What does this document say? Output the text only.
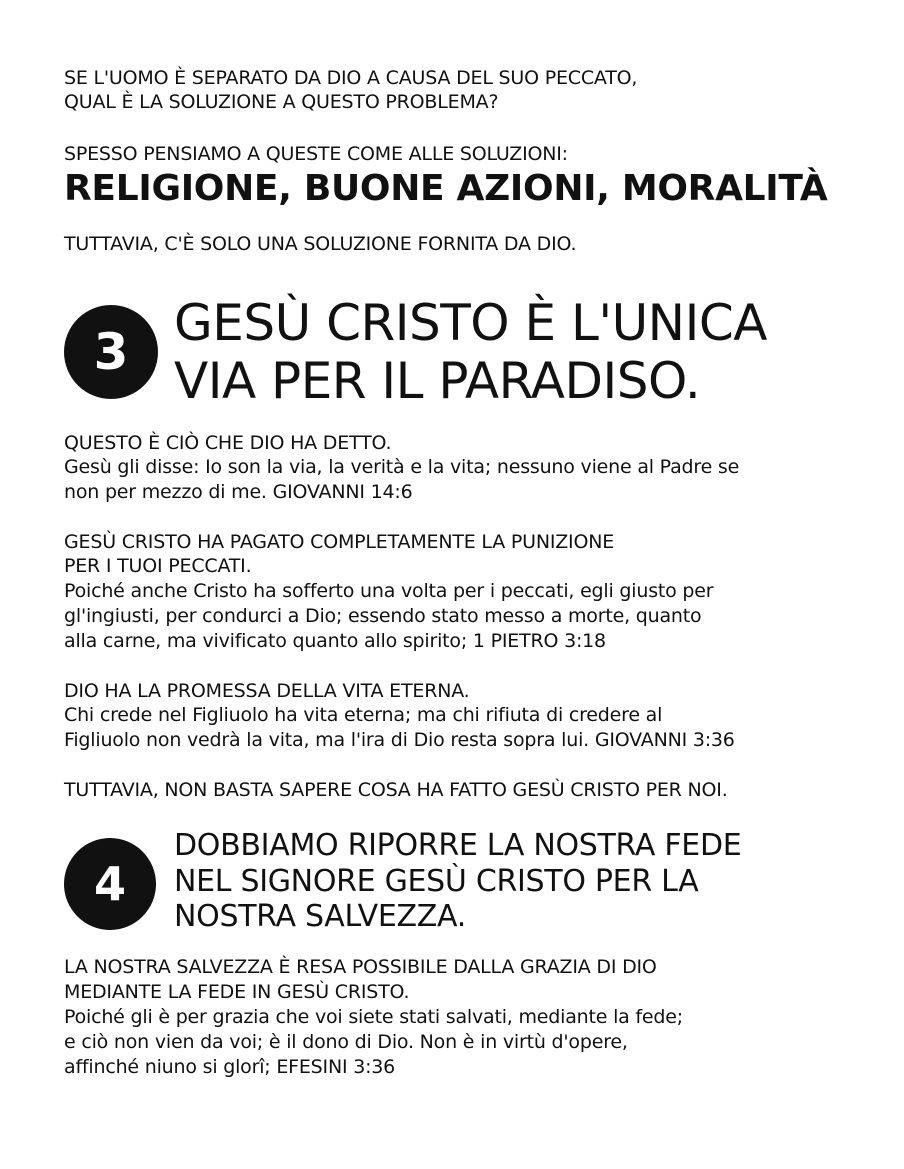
SE L'UOMO È SEPARATO DA DIO A CAUSA DEL SUO PECCATO,
QUAL È LA SOLUZIONE A QUESTO PROBLEMA?
SPESSO PENSIAMO A QUESTE COME ALLE SOLUZIONI:
RELIGIONE, BUONE AZIONI, MORALITÀ
TUTTAVIA, C'È SOLO UNA SOLUZIONE FORNITA DA DIO.
3 GESÙ CRISTO È L'UNICA
VIA PER IL PARADISO.
QUESTO È CIÒ CHE DIO HA DETTO.
Gesù gli disse: Io son la via, la verità e la vita; nessuno viene al Padre se
non per mezzo di me. GIOVANNI 14:6
GESÙ CRISTO HA PAGATO COMPLETAMENTE LA PUNIZIONE
PER I TUOI PECCATI.
Poiché anche Cristo ha sofferto una volta per i peccati, egli giusto per
gl'ingiusti, per condurci a Dio; essendo stato messo a morte, quanto
alla carne, ma vivificato quanto allo spirito; 1 PIETRO 3:18
DIO HA LA PROMESSA DELLA VITA ETERNA.
Chi crede nel Figliuolo ha vita eterna; ma chi rifiuta di credere al
Figliuolo non vedrà la vita, ma l'ira di Dio resta sopra lui. GIOVANNI 3:36
TUTTAVIA, NON BASTA SAPERE COSA HA FATTO GESÙ CRISTO PER NOI.
4
DOBBIAMO RIPORRE LA NOSTRA FEDE
NEL SIGNORE GESÙ CRISTO PER LA
NOSTRA SALVEZZA.
LA NOSTRA SALVEZZA È RESA POSSIBILE DALLA GRAZIA DI DIO
MEDIANTE LA FEDE IN GESÙ CRISTO.
Poiché gli è per grazia che voi siete stati salvati, mediante la fede;
e ciò non vien da voi; è il dono di Dio. Non è in virtù d'opere,
affinché niuno si glorî; EFESINI 3:36
